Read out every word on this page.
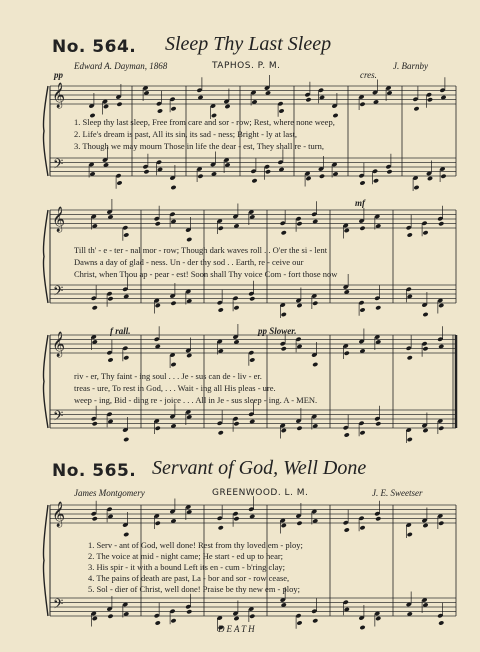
No. 564. Sleep Thy Last Sleep
Edward A. Dayman, 1868	TAPHOS. P. M.	J. Barnby
𝄞
𝄢
𝄞
𝄢
𝄞
𝄢
𝄞
𝄢
pp	cres.
mf
f rall.	pp Slower.
1. Sleep thy last sleep, Free from care and sor - row; Rest, where none weep,
2. Life's dream is past, All its sin, its sad - ness; Bright - ly at last,
3. Though we may mourn Those in life the dear - est, They shall re - turn,
Till th' - e - ter - nal mor - row; Though dark waves roll . . O'er the si - lent
Dawns a day of glad - ness. Un - der thy sod . . Earth, re - ceive our
Christ, when Thou ap - pear - est! Soon shall Thy voice Com - fort those now
riv - er, Thy faint - ing soul . . . Je - sus can de - liv - er.
treas - ure, To rest in God, . . . Wait - ing all His pleas - ure.
weep - ing, Bid - ding re - joice . . . All in Je - sus sleep - ing. A - MEN.
No. 565. Servant of God, Well Done
James Montgomery	GREENWOOD. L. M.	J. E. Sweetser
1. Serv - ant of God, well done! Rest from thy loved em - ploy;
2. The voice at mid - night came; He start - ed up to hear;
3. His spir - it with a bound Left its en - cum - b'ring clay;
4. The pains of death are past, La - bor and sor - row cease,
5. Sol - dier of Christ, well done! Praise be thy new em - ploy;
DEATH
